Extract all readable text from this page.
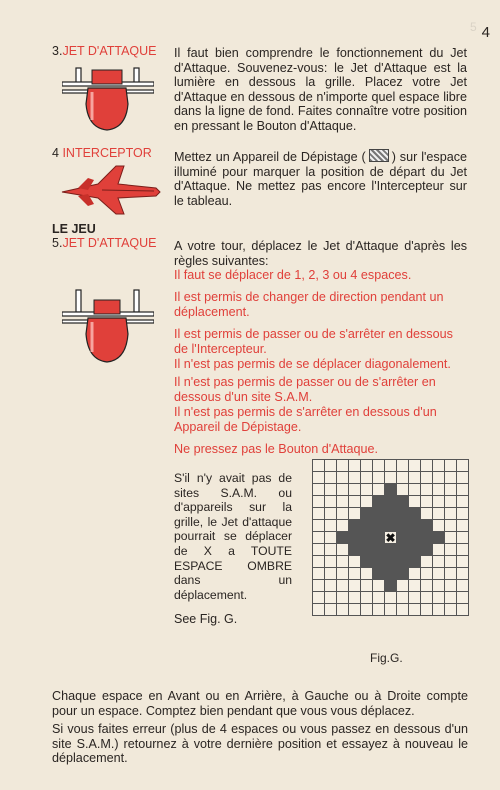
4
5
3.JET D'ATTAQUE Il faut bien comprendre le fonctionnement du Jet d'Attaque. Souvenez-vous: le Jet d'Attaque est la lumière en dessous la grille. Placez votre Jet d'Attaque en dessous de n'importe quel espace libre dans la ligne de fond. Faites connaître votre position en pressant le Bouton d'Attaque.
4 INTERCEPTOR Mettez un Appareil de Dépistage ( ) sur l'espace illuminé pour marquer la position de départ du Jet d'Attaque. Ne mettez pas encore l'Intercepteur sur le tableau.
LE JEU
5.JET D'ATTAQUE A votre tour, déplacez le Jet d'Attaque d'après les règles suivantes:
Il faut se déplacer de 1, 2, 3 ou 4 espaces.
Il est permis de changer de direction pendant un déplacement.
Il est permis de passer ou de s'arrêter en dessous de l'Intercepteur.
Il n'est pas permis de se déplacer diagonalement.
Il n'est pas permis de passer ou de s'arrêter en dessous d'un site S.A.M.
Il n'est pas permis de s'arrêter en dessous d'un Appareil de Dépistage.
Ne pressez pas le Bouton d'Attaque.
S'il n'y avait pas de sites S.A.M. ou d'appareils sur la grille, le Jet d'attaque pourrait se déplacer de X a TOUTE ESPACE OMBRE dans un déplacement.
See Fig. G.
✖
Fig.G.
Chaque espace en Avant ou en Arrière, à Gauche ou à Droite compte pour un espace. Comptez bien pendant que vous vous déplacez.
Si vous faites erreur (plus de 4 espaces ou vous passez en dessous d'un site S.A.M.) retournez à votre dernière position et essayez à nouveau le déplacement.
